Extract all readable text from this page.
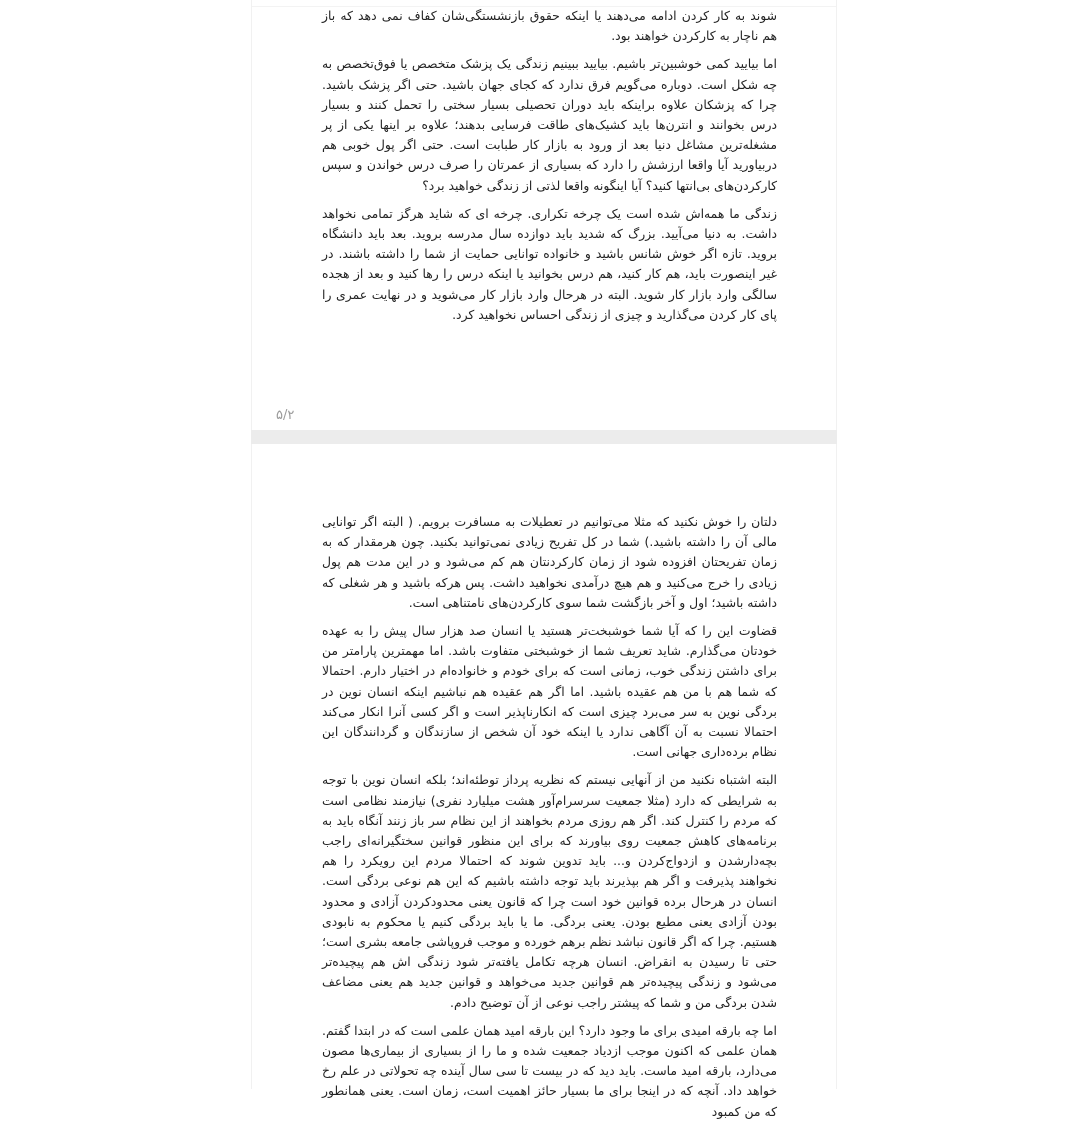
شوند به کار کردن ادامه می‌دهند یا اینکه حقوق بازنشستگی‌شان کفاف نمی دهد که باز هم ناچار به کارکردن خواهند بود.

اما بیایید کمی خوشبین‌تر باشیم. بیایید ببینیم زندگی یک پزشک متخصص یا فوق‌تخصص به چه شکل است. دوباره می‌گویم فرق ندارد که کجای جهان باشید. حتی اگر پزشک باشید. چرا که پزشکان علاوه براینکه باید دوران تحصیلی بسیار سختی را تحمل کنند و بسیار درس بخوانند و انترن‌ها باید کشیک‌های طاقت فرسایی بدهند؛ علاوه بر اینها یکی از پر مشغله‌ترین مشاغل دنیا بعد از ورود به بازار کار طبابت است. حتی اگر پول خوبی هم دربیاورید آیا واقعا ارزشش را دارد که بسیاری از عمرتان را صرف درس خواندن و سپس کارکردن‌های بی‌انتها کنید؟ آیا اینگونه واقعا لذتی از زندگی خواهید برد؟

زندگی ما همه‌اش شده است یک چرخه تکراری. چرخه ای که شاید هرگز تمامی نخواهد داشت. به دنیا می‌آیید. بزرگ که شدید باید دوازده سال مدرسه بروید. بعد باید دانشگاه بروید. تازه اگر خوش شانس باشید و خانواده توانایی حمایت از شما را داشته باشند. در غیر اینصورت باید، هم کار کنید، هم درس بخوانید یا اینکه درس را رها کنید و بعد از هجده سالگی وارد بازار کار شوید. البته در هرحال وارد بازار کار می‌شوید و در نهایت عمری را پای کار کردن می‌گذارید و چیزی از زندگی احساس نخواهید کرد.

۵/۲

دلتان را خوش نکنید که مثلا می‌توانیم در تعطیلات به مسافرت برویم. ( البته اگر توانایی مالی آن را داشته باشید.) شما در کل تفریح زیادی نمی‌توانید بکنید. چون هرمقدار که به زمان تفریحتان افزوده شود از زمان کارکردنتان هم کم می‌شود و در این مدت هم پول زیادی را خرج می‌کنید و هم هیچ درآمدی نخواهید داشت. پس هرکه باشید و هر شغلی که داشته باشید؛ اول و آخر بازگشت شما سوی کارکردن‌های نامتناهی است.

قضاوت این را که آیا شما خوشبخت‌تر هستید یا انسان صد هزار سال پیش را به عهده خودتان می‌گذارم. شاید تعریف شما از خوشبختی متفاوت باشد. اما مهمترین پارامتر من برای داشتن زندگی خوب، زمانی است که برای خودم و خانواده‌ام در اختیار دارم. احتمالا که شما هم با من هم عقیده باشید. اما اگر هم عقیده هم نباشیم اینکه انسان نوین در بردگی نوین به سر می‌برد چیزی است که انکارناپذیر است و اگر کسی آنرا انکار می‌کند احتمالا نسبت به آن آگاهی ندارد یا اینکه خود آن شخص از سازندگان و گردانندگان این نظام برده‌داری جهانی است.

البته اشتباه نکنید من از آنهایی نیستم که نظریه پرداز توطئه‌اند؛ بلکه انسان نوین با توجه به شرایطی که دارد (مثلا جمعیت سرسرام‌آور هشت میلیارد نفری) نیازمند نظامی است که مردم را کنترل کند. اگر هم روزی مردم بخواهند از این نظام سر باز زنند آنگاه باید به برنامه‌های کاهش جمعیت روی بیاورند که برای این منظور قوانین سختگیرانه‌ای راجب بچه‌دارشدن و ازدواج‌کردن و... باید تدوین شوند که احتمالا مردم این رویکرد را هم نخواهند پذیرفت و اگر هم بپذیرند باید توجه داشته باشیم که این هم نوعی بردگی است. انسان در هرحال برده قوانین خود است چرا که قانون یعنی محدودکردن آزادی و محدود بودن آزادی یعنی مطیع بودن. یعنی بردگی. ما یا باید بردگی کنیم یا محکوم به نابودی هستیم. چرا که اگر قانون نباشد نظم برهم خورده و موجب فروپاشی جامعه بشری است؛ حتی تا رسیدن به انقراض. انسان هرچه تکامل یافته‌تر شود زندگی اش هم پیچیده‌تر می‌شود و زندگی پیچیده‌تر هم قوانین جدید می‌خواهد و قوانین جدید هم یعنی مضاعف شدن بردگی من و شما که پیشتر راجب نوعی از آن توضیح دادم.

اما چه بارقه امیدی برای ما وجود دارد؟ این بارقه امید همان علمی است که در ابتدا گفتم. همان علمی که اکنون موجب ازدیاد جمعیت شده و ما را از بسیاری از بیماری‌ها مصون می‌دارد، بارقه امید ماست. باید دید که در بیست تا سی سال آینده چه تحولاتی در علم رخ خواهد داد. آنچه که در اینجا برای ما بسیار حائز اهمیت است، زمان است. یعنی همانطور که من کمبود
